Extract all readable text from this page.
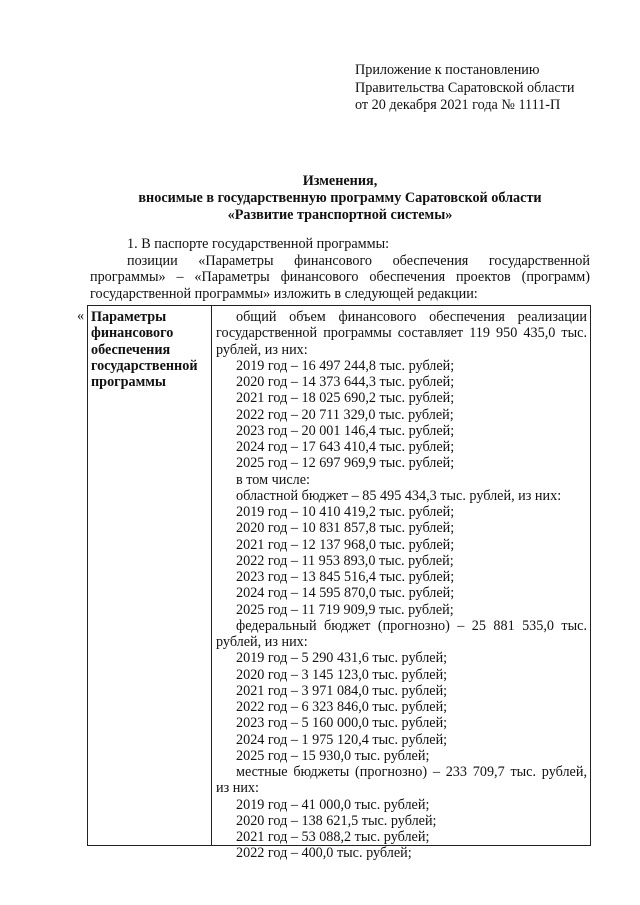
Приложение к постановлению
Правительства Саратовской области
от 20 декабря 2021 года № 1111-П
Изменения,
вносимые в государственную программу Саратовской области
«Развитие транспортной системы»
1. В паспорте государственной программы:
позиции «Параметры финансового обеспечения государственной программы» – «Параметры финансового обеспечения проектов (программ) государственной программы» изложить в следующей редакции:
« Параметры финансового обеспечения государственной программы
общий объем финансового обеспечения реализации государственной программы составляет 119 950 435,0 тыс. рублей, из них:
2019 год – 16 497 244,8 тыс. рублей;
2020 год – 14 373 644,3 тыс. рублей;
2021 год – 18 025 690,2 тыс. рублей;
2022 год – 20 711 329,0 тыс. рублей;
2023 год – 20 001 146,4 тыс. рублей;
2024 год – 17 643 410,4 тыс. рублей;
2025 год – 12 697 969,9 тыс. рублей;
в том числе:
областной бюджет – 85 495 434,3 тыс. рублей, из них:
2019 год – 10 410 419,2 тыс. рублей;
2020 год – 10 831 857,8 тыс. рублей;
2021 год – 12 137 968,0 тыс. рублей;
2022 год – 11 953 893,0 тыс. рублей;
2023 год – 13 845 516,4 тыс. рублей;
2024 год – 14 595 870,0 тыс. рублей;
2025 год – 11 719 909,9 тыс. рублей;
федеральный бюджет (прогнозно) – 25 881 535,0 тыс.
рублей, из них:
2019 год – 5 290 431,6 тыс. рублей;
2020 год – 3 145 123,0 тыс. рублей;
2021 год – 3 971 084,0 тыс. рублей;
2022 год – 6 323 846,0 тыс. рублей;
2023 год – 5 160 000,0 тыс. рублей;
2024 год – 1 975 120,4 тыс. рублей;
2025 год – 15 930,0 тыс. рублей;
местные бюджеты (прогнозно) – 233 709,7 тыс. рублей,
из них:
2019 год – 41 000,0 тыс. рублей;
2020 год – 138 621,5 тыс. рублей;
2021 год – 53 088,2 тыс. рублей;
2022 год – 400,0 тыс. рублей;
